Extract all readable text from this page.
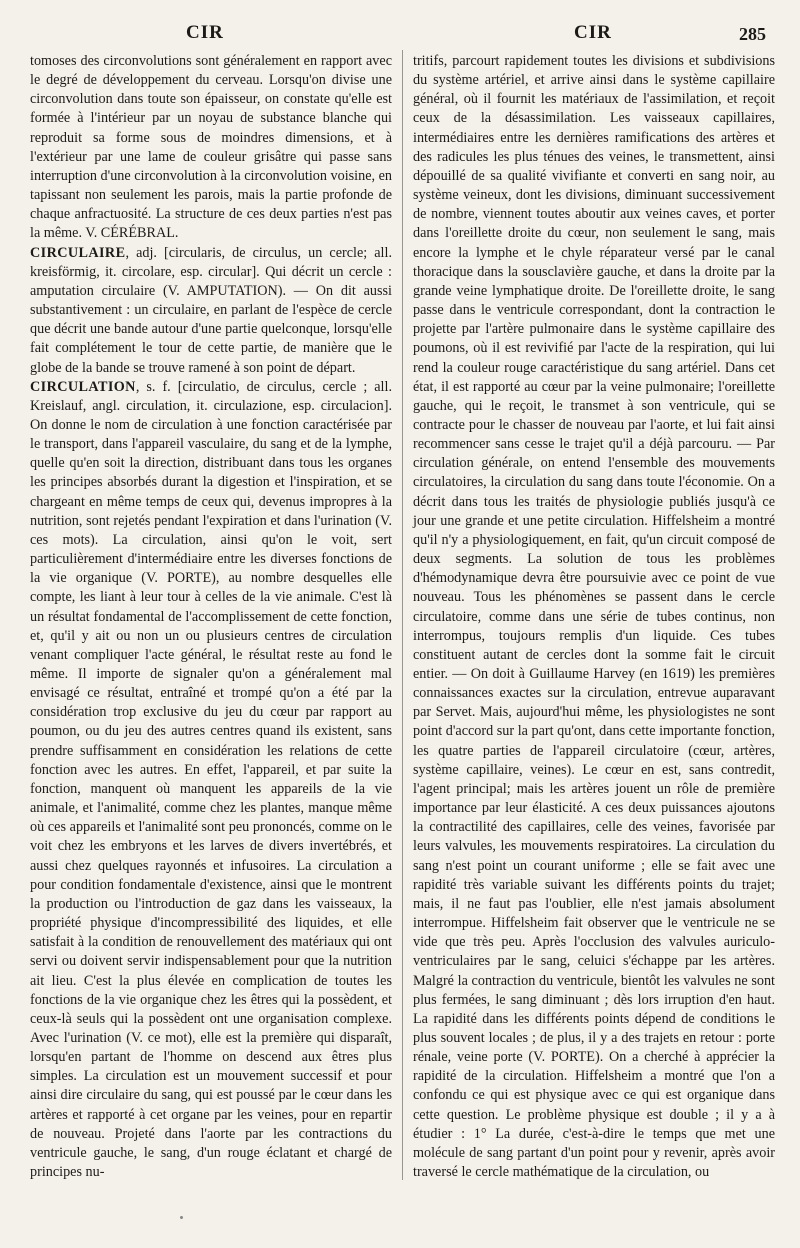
CIR	CIR	285

tomoses des circonvolutions sont généralement en rapport avec le degré de développement du cerveau. Lorsqu'on divise une circonvolution dans toute son épaisseur, on constate qu'elle est formée à l'intérieur par un noyau de substance blanche qui reproduit sa forme sous de moindres dimensions, et à l'extérieur par une lame de couleur grisâtre qui passe sans interruption d'une circonvolution à la circonvolution voisine, en tapissant non seulement les parois, mais la partie profonde de chaque anfractuosité. La structure de ces deux parties n'est pas la même. V. CÉRÉBRAL.

CIRCULAIRE, adj. [circularis, de circulus, un cercle; all. kreisförmig, it. circolare, esp. circular]. Qui décrit un cercle : amputation circulaire (V. AMPUTATION). — On dit aussi substantivement : un circulaire, en parlant de l'espèce de cercle que décrit une bande autour d'une partie quelconque, lorsqu'elle fait complétement le tour de cette partie, de manière que le globe de la bande se trouve ramené à son point de départ.

CIRCULATION, s. f. [circulatio, de circulus, cercle ; all. Kreislauf, angl. circulation, it. circulazione, esp. circulacion]. On donne le nom de circulation à une fonction caractérisée par le transport, dans l'appareil vasculaire, du sang et de la lymphe, quelle qu'en soit la direction, distribuant dans tous les organes les principes absorbés durant la digestion et l'inspiration, et se chargeant en même temps de ceux qui, devenus impropres à la nutrition, sont rejetés pendant l'expiration et dans l'urination (V. ces mots). La circulation, ainsi qu'on le voit, sert particulièrement d'intermédiaire entre les diverses fonctions de la vie organique (V. PORTE), au nombre desquelles elle compte, les liant à leur tour à celles de la vie animale. C'est là un résultat fondamental de l'accomplissement de cette fonction, et, qu'il y ait ou non un ou plusieurs centres de circulation venant compliquer l'acte général, le résultat reste au fond le même. Il importe de signaler qu'on a généralement mal envisagé ce résultat, entraîné et trompé qu'on a été par la considération trop exclusive du jeu du cœur par rapport au poumon, ou du jeu des autres centres quand ils existent, sans prendre suffisamment en considération les relations de cette fonction avec les autres. En effet, l'appareil, et par suite la fonction, manquent où manquent les appareils de la vie animale, et l'animalité, comme chez les plantes, manque même où ces appareils et l'animalité sont peu prononcés, comme on le voit chez les embryons et les larves de divers invertébrés, et aussi chez quelques rayonnés et infusoires. La circulation a pour condition fondamentale d'existence, ainsi que le montrent la production ou l'introduction de gaz dans les vaisseaux, la propriété physique d'incompressibilité des liquides, et elle satisfait à la condition de renouvellement des matériaux qui ont servi ou doivent servir indispensablement pour que la nutrition ait lieu. C'est la plus élevée en complication de toutes les fonctions de la vie organique chez les êtres qui la possèdent, et ceux-là seuls qui la possèdent ont une organisation complexe. Avec l'urination (V. ce mot), elle est la première qui disparaît, lorsqu'en partant de l'homme on descend aux êtres plus simples. La circulation est un mouvement successif et pour ainsi dire circulaire du sang, qui est poussé par le cœur dans les artères et rapporté à cet organe par les veines, pour en repartir de nouveau. Projeté dans l'aorte par les contractions du ventricule gauche, le sang, d'un rouge éclatant et chargé de principes nu-

tritifs, parcourt rapidement toutes les divisions et subdivisions du système artériel, et arrive ainsi dans le système capillaire général, où il fournit les matériaux de l'assimilation, et reçoit ceux de la désassimilation. Les vaisseaux capillaires, intermédiaires entre les dernières ramifications des artères et des radicules les plus ténues des veines, le transmettent, ainsi dépouillé de sa qualité vivifiante et converti en sang noir, au système veineux, dont les divisions, diminuant successivement de nombre, viennent toutes aboutir aux veines caves, et porter dans l'oreillette droite du cœur, non seulement le sang, mais encore la lymphe et le chyle réparateur versé par le canal thoracique dans la sousclavière gauche, et dans la droite par la grande veine lymphatique droite. De l'oreillette droite, le sang passe dans le ventricule correspondant, dont la contraction le projette par l'artère pulmonaire dans le système capillaire des poumons, où il est revivifié par l'acte de la respiration, qui lui rend la couleur rouge caractéristique du sang artériel. Dans cet état, il est rapporté au cœur par la veine pulmonaire; l'oreillette gauche, qui le reçoit, le transmet à son ventricule, qui se contracte pour le chasser de nouveau par l'aorte, et lui fait ainsi recommencer sans cesse le trajet qu'il a déjà parcouru. — Par circulation générale, on entend l'ensemble des mouvements circulatoires, la circulation du sang dans toute l'économie. On a décrit dans tous les traités de physiologie publiés jusqu'à ce jour une grande et une petite circulation. Hiffelsheim a montré qu'il n'y a physiologiquement, en fait, qu'un circuit composé de deux segments. La solution de tous les problèmes d'hémodynamique devra être poursuivie avec ce point de vue nouveau. Tous les phénomènes se passent dans le cercle circulatoire, comme dans une série de tubes continus, non interrompus, toujours remplis d'un liquide. Ces tubes constituent autant de cercles dont la somme fait le circuit entier. — On doit à Guillaume Harvey (en 1619) les premières connaissances exactes sur la circulation, entrevue auparavant par Servet. Mais, aujourd'hui même, les physiologistes ne sont point d'accord sur la part qu'ont, dans cette importante fonction, les quatre parties de l'appareil circulatoire (cœur, artères, système capillaire, veines). Le cœur en est, sans contredit, l'agent principal; mais les artères jouent un rôle de première importance par leur élasticité. A ces deux puissances ajoutons la contractilité des capillaires, celle des veines, favorisée par leurs valvules, les mouvements respiratoires. La circulation du sang n'est point un courant uniforme ; elle se fait avec une rapidité très variable suivant les différents points du trajet; mais, il ne faut pas l'oublier, elle n'est jamais absolument interrompue. Hiffelsheim fait observer que le ventricule ne se vide que très peu. Après l'occlusion des valvules auriculo-ventriculaires par le sang, celuici s'échappe par les artères. Malgré la contraction du ventricule, bientôt les valvules ne sont plus fermées, le sang diminuant ; dès lors irruption d'en haut. La rapidité dans les différents points dépend de conditions le plus souvent locales ; de plus, il y a des trajets en retour : porte rénale, veine porte (V. PORTE). On a cherché à apprécier la rapidité de la circulation. Hiffelsheim a montré que l'on a confondu ce qui est physique avec ce qui est organique dans cette question. Le problème physique est double ; il y a à étudier : 1° La durée, c'est-à-dire le temps que met une molécule de sang partant d'un point pour y revenir, après avoir traversé le cercle mathématique de la circulation, ou
